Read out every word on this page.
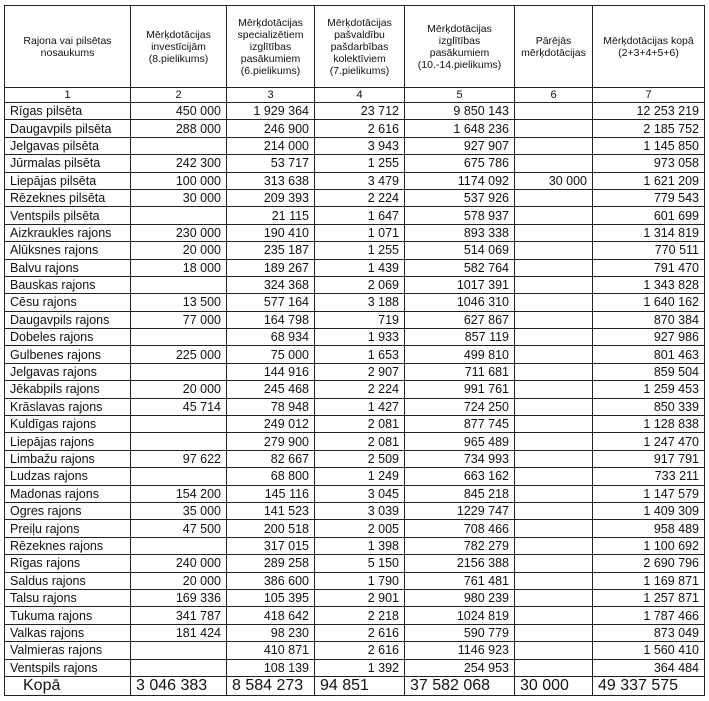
Rajona vai pilsētas nosaukums	Mērķdotācijas investīcijām (8.pielikums)	Mērķdotācijas specializētiem izglītības pasākumiem (6.pielikums)	Mērķdotācijas pašvaldību pašdarbības kolektīviem (7.pielikums)	Mērķdotācijas izglītības pasākumiem (10.-14.pielikums)	Pārējās mērķdotācijas	Mērķdotācijas kopā (2+3+4+5+6)
1	2	3	4	5	6	7
Rīgas pilsēta	450 000	1 929 364	23 712	9 850 143		12 253 219
Daugavpils pilsēta	288 000	246 900	2 616	1 648 236		2 185 752
Jelgavas pilsēta		214 000	3 943	927 907		1 145 850
Jūrmalas pilsēta	242 300	53 717	1 255	675 786		973 058
Liepājas pilsēta	100 000	313 638	3 479	1174 092	30 000	1 621 209
Rēzeknes pilsēta	30 000	209 393	2 224	537 926		779 543
Ventspils pilsēta		21 115	1 647	578 937		601 699
Aizkraukles rajons	230 000	190 410	1 071	893 338		1 314 819
Alūksnes rajons	20 000	235 187	1 255	514 069		770 511
Balvu rajons	18 000	189 267	1 439	582 764		791 470
Bauskas rajons		324 368	2 069	1017 391		1 343 828
Cēsu rajons	13 500	577 164	3 188	1046 310		1 640 162
Daugavpils rajons	77 000	164 798	719	627 867		870 384
Dobeles rajons		68 934	1 933	857 119		927 986
Gulbenes rajons	225 000	75 000	1 653	499 810		801 463
Jelgavas rajons		144 916	2 907	711 681		859 504
Jēkabpils rajons	20 000	245 468	2 224	991 761		1 259 453
Krāslavas rajons	45 714	78 948	1 427	724 250		850 339
Kuldīgas rajons		249 012	2 081	877 745		1 128 838
Liepājas rajons		279 900	2 081	965 489		1 247 470
Limbažu rajons	97 622	82 667	2 509	734 993		917 791
Ludzas rajons		68 800	1 249	663 162		733 211
Madonas rajons	154 200	145 116	3 045	845 218		1 147 579
Ogres rajons	35 000	141 523	3 039	1229 747		1 409 309
Preiļu rajons	47 500	200 518	2 005	708 466		958 489
Rēzeknes rajons		317 015	1 398	782 279		1 100 692
Rīgas rajons	240 000	289 258	5 150	2156 388		2 690 796
Saldus rajons	20 000	386 600	1 790	761 481		1 169 871
Talsu rajons	169 336	105 395	2 901	980 239		1 257 871
Tukuma rajons	341 787	418 642	2 218	1024 819		1 787 466
Valkas rajons	181 424	98 230	2 616	590 779		873 049
Valmieras rajons		410 871	2 616	1146 923		1 560 410
Ventspils rajons		108 139	1 392	254 953		364 484
Kopā	3 046 383	8 584 273	94 851	37 582 068	30 000	49 337 575
